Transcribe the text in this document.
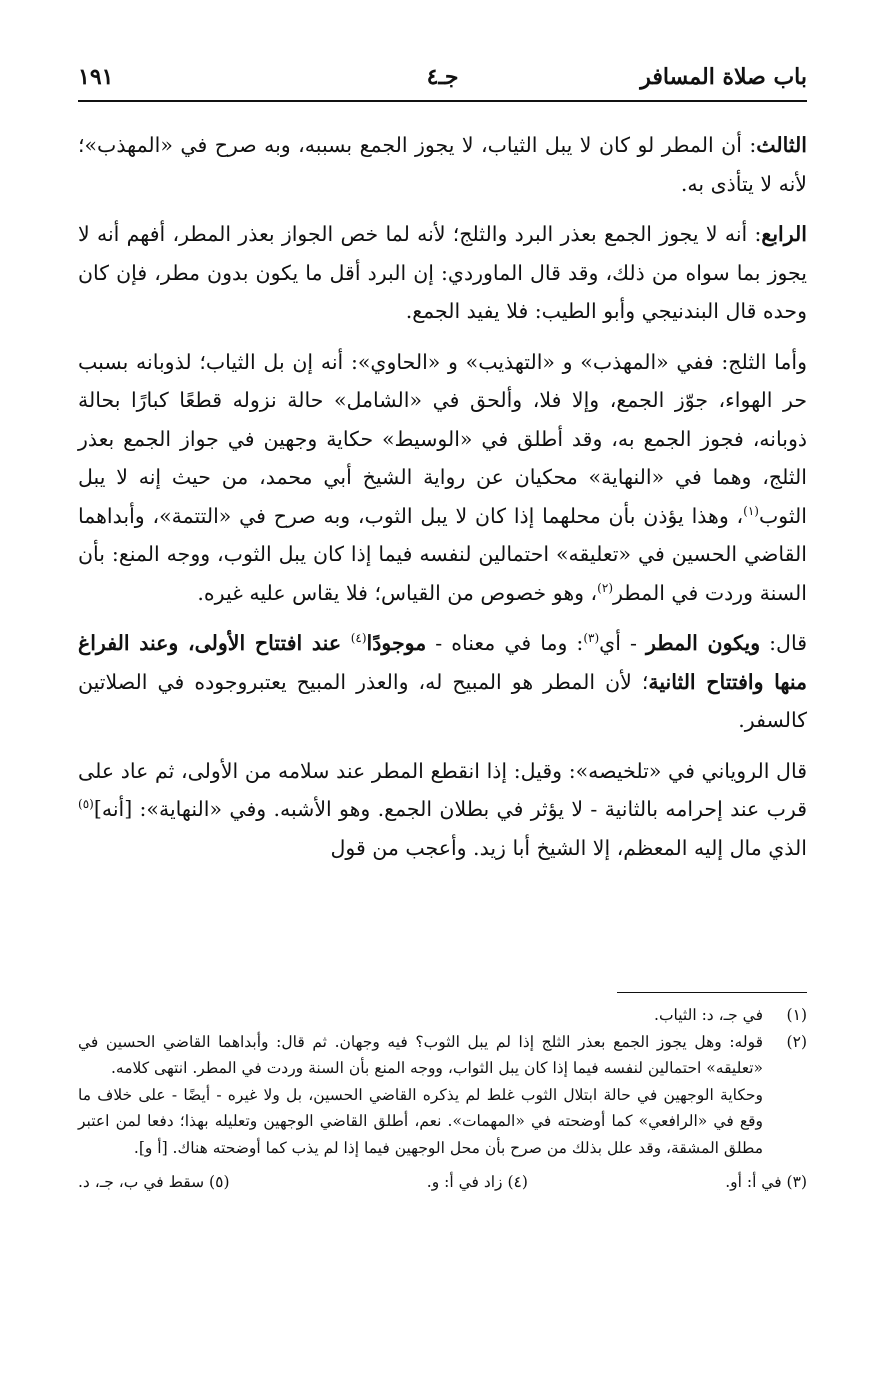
باب صلاة المسافر
جـ٤
١٩١

الثالث: أن المطر لو كان لا يبل الثياب، لا يجوز الجمع بسببه، وبه صرح في «المهذب»؛ لأنه لا يتأذى به.

الرابع: أنه لا يجوز الجمع بعذر البرد والثلج؛ لأنه لما خص الجواز بعذر المطر، أفهم أنه لا يجوز بما سواه من ذلك، وقد قال الماوردي: إن البرد أقل ما يكون بدون مطر، فإن كان وحده قال البندنيجي وأبو الطيب: فلا يفيد الجمع.

وأما الثلج: ففي «المهذب» و «التهذيب» و «الحاوي»: أنه إن بل الثياب؛ لذوبانه بسبب حر الهواء، جوّز الجمع، وإلا فلا، وألحق في «الشامل» حالة نزوله قطعًا كبارًا بحالة ذوبانه، فجوز الجمع به، وقد أطلق في «الوسيط» حكاية وجهين في جواز الجمع بعذر الثلج، وهما في «النهاية» محكيان عن رواية الشيخ أبي محمد، من حيث إنه لا يبل الثوب$^{(١)}$، وهذا يؤذن بأن محلهما إذا كان لا يبل الثوب، وبه صرح في «التتمة»، وأبداهما القاضي الحسين في «تعليقه» احتمالين لنفسه فيما إذا كان يبل الثوب، ووجه المنع: بأن السنة وردت في المطر$^{(٢)}$، وهو خصوص من القياس؛ فلا يقاس عليه غيره.

قال: ويكون المطر - أي$^{(٣)}$: وما في معناه - موجودًا$^{(٤)}$ عند افتتاح الأولى، وعند الفراغ منها وافتتاح الثانية؛ لأن المطر هو المبيح له، والعذر المبيح يعتبروجوده في الصلاتين كالسفر.

قال الروياني في «تلخيصه»: وقيل: إذا انقطع المطر عند سلامه من الأولى، ثم عاد على قرب عند إحرامه بالثانية - لا يؤثر في بطلان الجمع. وهو الأشبه. وفي «النهاية»: [أنه]$^{(٥)}$ الذي مال إليه المعظم، إلا الشيخ أبا زيد. وأعجب من قول

(١)
في جـ، د: الثياب.
(٢)
قوله: وهل يجوز الجمع بعذر الثلج إذا لم يبل الثوب؟ فيه وجهان. ثم قال: وأبداهما القاضي الحسين في «تعليقه» احتمالين لنفسه فيما إذا كان يبل الثواب، ووجه المنع بأن السنة وردت في المطر. انتهى كلامه.

وحكاية الوجهين في حالة ابتلال الثوب غلط لم يذكره القاضي الحسين، بل ولا غيره - أيضًا - على خلاف ما وقع في «الرافعي» كما أوضحته في «المهمات». نعم، أطلق القاضي الوجهين وتعليله بهذا؛ دفعا لمن اعتبر مطلق المشقة، وقد علل بذلك من صرح بأن محل الوجهين فيما إذا لم يذب كما أوضحته هناك. [أ و].

(٣) في أ: أو.
(٤) زاد في أ: و.
(٥) سقط في ب، جـ، د.
